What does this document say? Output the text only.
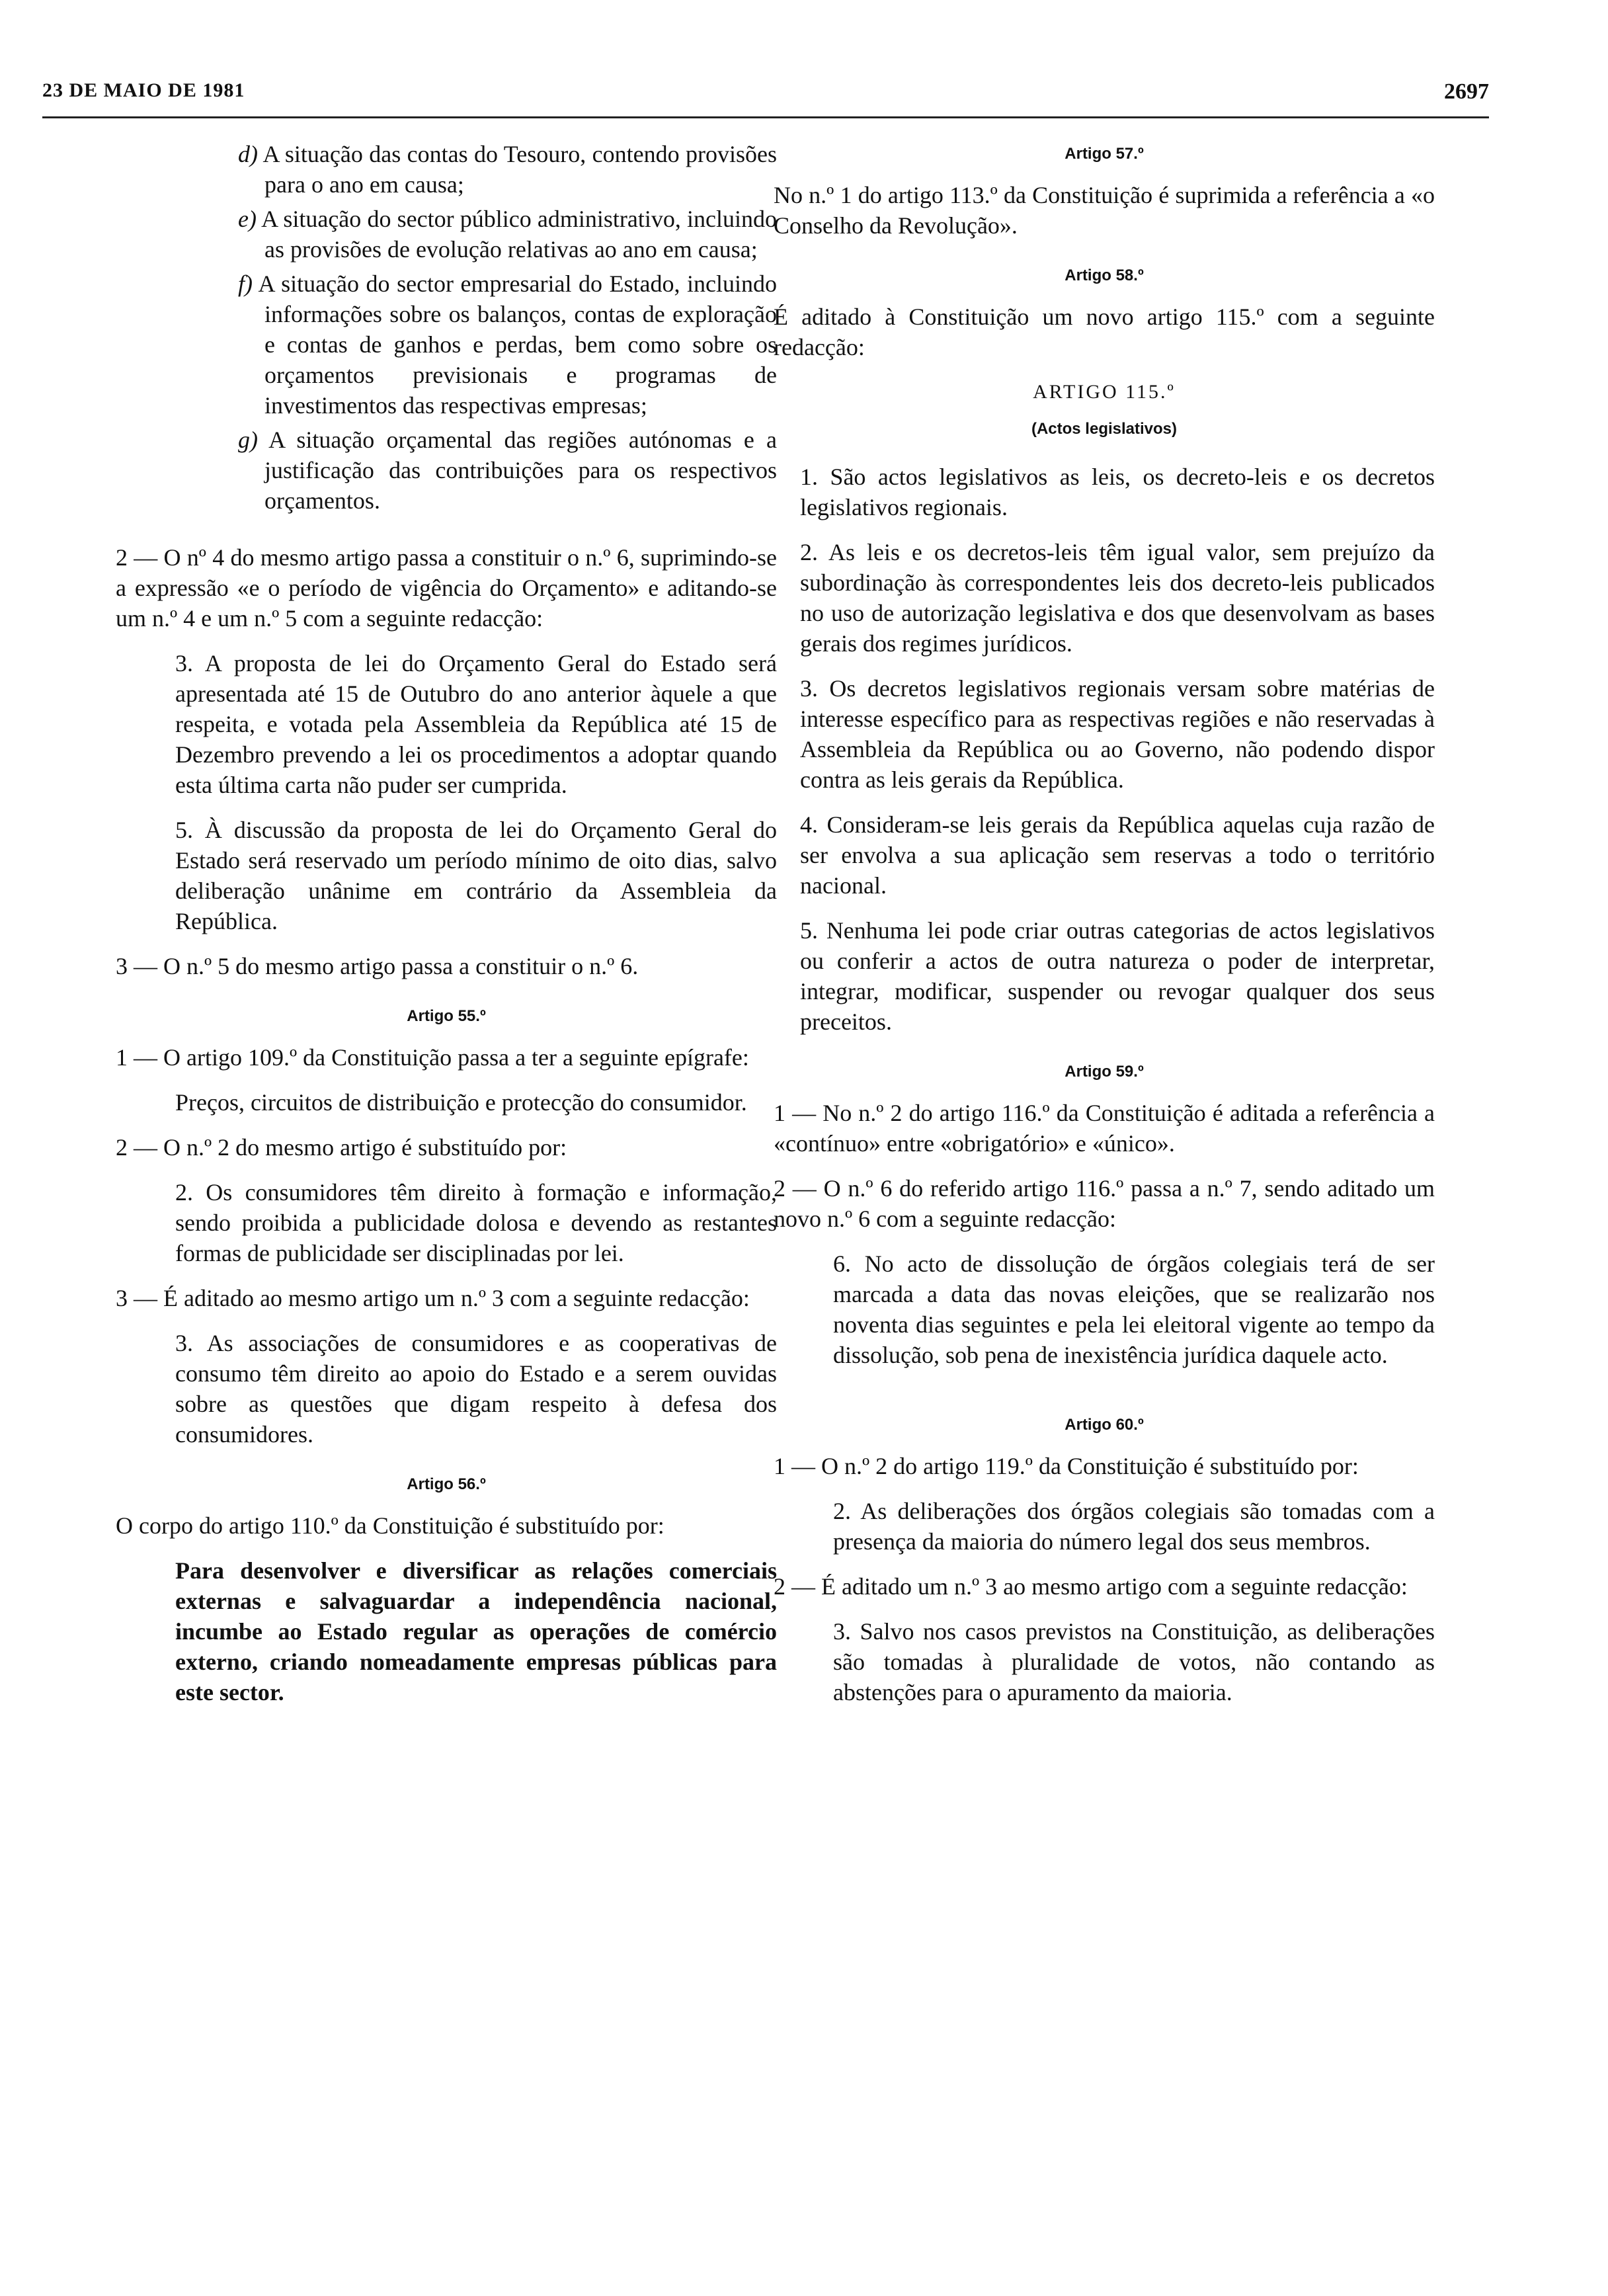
23 DE MAIO DE 1981	2697

d) A situação das contas do Tesouro, contendo provisões para o ano em causa;

e) A situação do sector público administrativo, incluindo as provisões de evolução relativas ao ano em causa;

f) A situação do sector empresarial do Estado, incluindo informações sobre os balanços, contas de exploração e contas de ganhos e perdas, bem como sobre os orçamentos previsionais e programas de investimentos das respectivas empresas;

g) A situação orçamental das regiões autónomas e a justificação das contribuições para os respectivos orçamentos.

2 — O nº 4 do mesmo artigo passa a constituir o n.º 6, suprimindo-se a expressão «e o período de vigência do Orçamento» e aditando-se um n.º 4 e um n.º 5 com a seguinte redacção:

3. A proposta de lei do Orçamento Geral do Estado será apresentada até 15 de Outubro do ano anterior àquele a que respeita, e votada pela Assembleia da República até 15 de Dezembro prevendo a lei os procedimentos a adoptar quando esta última carta não puder ser cumprida.

5. À discussão da proposta de lei do Orçamento Geral do Estado será reservado um período mínimo de oito dias, salvo deliberação unânime em contrário da Assembleia da República.

3 — O n.º 5 do mesmo artigo passa a constituir o n.º 6.

Artigo 55.º

1 — O artigo 109.º da Constituição passa a ter a seguinte epígrafe:

Preços, circuitos de distribuição e protecção do consumidor.

2 — O n.º 2 do mesmo artigo é substituído por:

2. Os consumidores têm direito à formação e informação, sendo proibida a publicidade dolosa e devendo as restantes formas de publicidade ser disciplinadas por lei.

3 — É aditado ao mesmo artigo um n.º 3 com a seguinte redacção:

3. As associações de consumidores e as cooperativas de consumo têm direito ao apoio do Estado e a serem ouvidas sobre as questões que digam respeito à defesa dos consumidores.

Artigo 56.º

O corpo do artigo 110.º da Constituição é substituído por:

Para desenvolver e diversificar as relações comerciais externas e salvaguardar a independência nacional, incumbe ao Estado regular as operações de comércio externo, criando nomeadamente empresas públicas para este sector.

Artigo 57.º

No n.º 1 do artigo 113.º da Constituição é suprimida a referência a «o Conselho da Revolução».

Artigo 58.º

É aditado à Constituição um novo artigo 115.º com a seguinte redacção:

ARTIGO 115.º

(Actos legislativos)

1. São actos legislativos as leis, os decreto-leis e os decretos legislativos regionais.

2. As leis e os decretos-leis têm igual valor, sem prejuízo da subordinação às correspondentes leis dos decreto-leis publicados no uso de autorização legislativa e dos que desenvolvam as bases gerais dos regimes jurídicos.

3. Os decretos legislativos regionais versam sobre matérias de interesse específico para as respectivas regiões e não reservadas à Assembleia da República ou ao Governo, não podendo dispor contra as leis gerais da República.

4. Consideram-se leis gerais da República aquelas cuja razão de ser envolva a sua aplicação sem reservas a todo o território nacional.

5. Nenhuma lei pode criar outras categorias de actos legislativos ou conferir a actos de outra natureza o poder de interpretar, integrar, modificar, suspender ou revogar qualquer dos seus preceitos.

Artigo 59.º

1 — No n.º 2 do artigo 116.º da Constituição é aditada a referência a «contínuo» entre «obrigatório» e «único».

2 — O n.º 6 do referido artigo 116.º passa a n.º 7, sendo aditado um novo n.º 6 com a seguinte redacção:

6. No acto de dissolução de órgãos colegiais terá de ser marcada a data das novas eleições, que se realizarão nos noventa dias seguintes e pela lei eleitoral vigente ao tempo da dissolução, sob pena de inexistência jurídica daquele acto.

Artigo 60.º

1 — O n.º 2 do artigo 119.º da Constituição é substituído por:

2. As deliberações dos órgãos colegiais são tomadas com a presença da maioria do número legal dos seus membros.

2 — É aditado um n.º 3 ao mesmo artigo com a seguinte redacção:

3. Salvo nos casos previstos na Constituição, as deliberações são tomadas à pluralidade de votos, não contando as abstenções para o apuramento da maioria.
